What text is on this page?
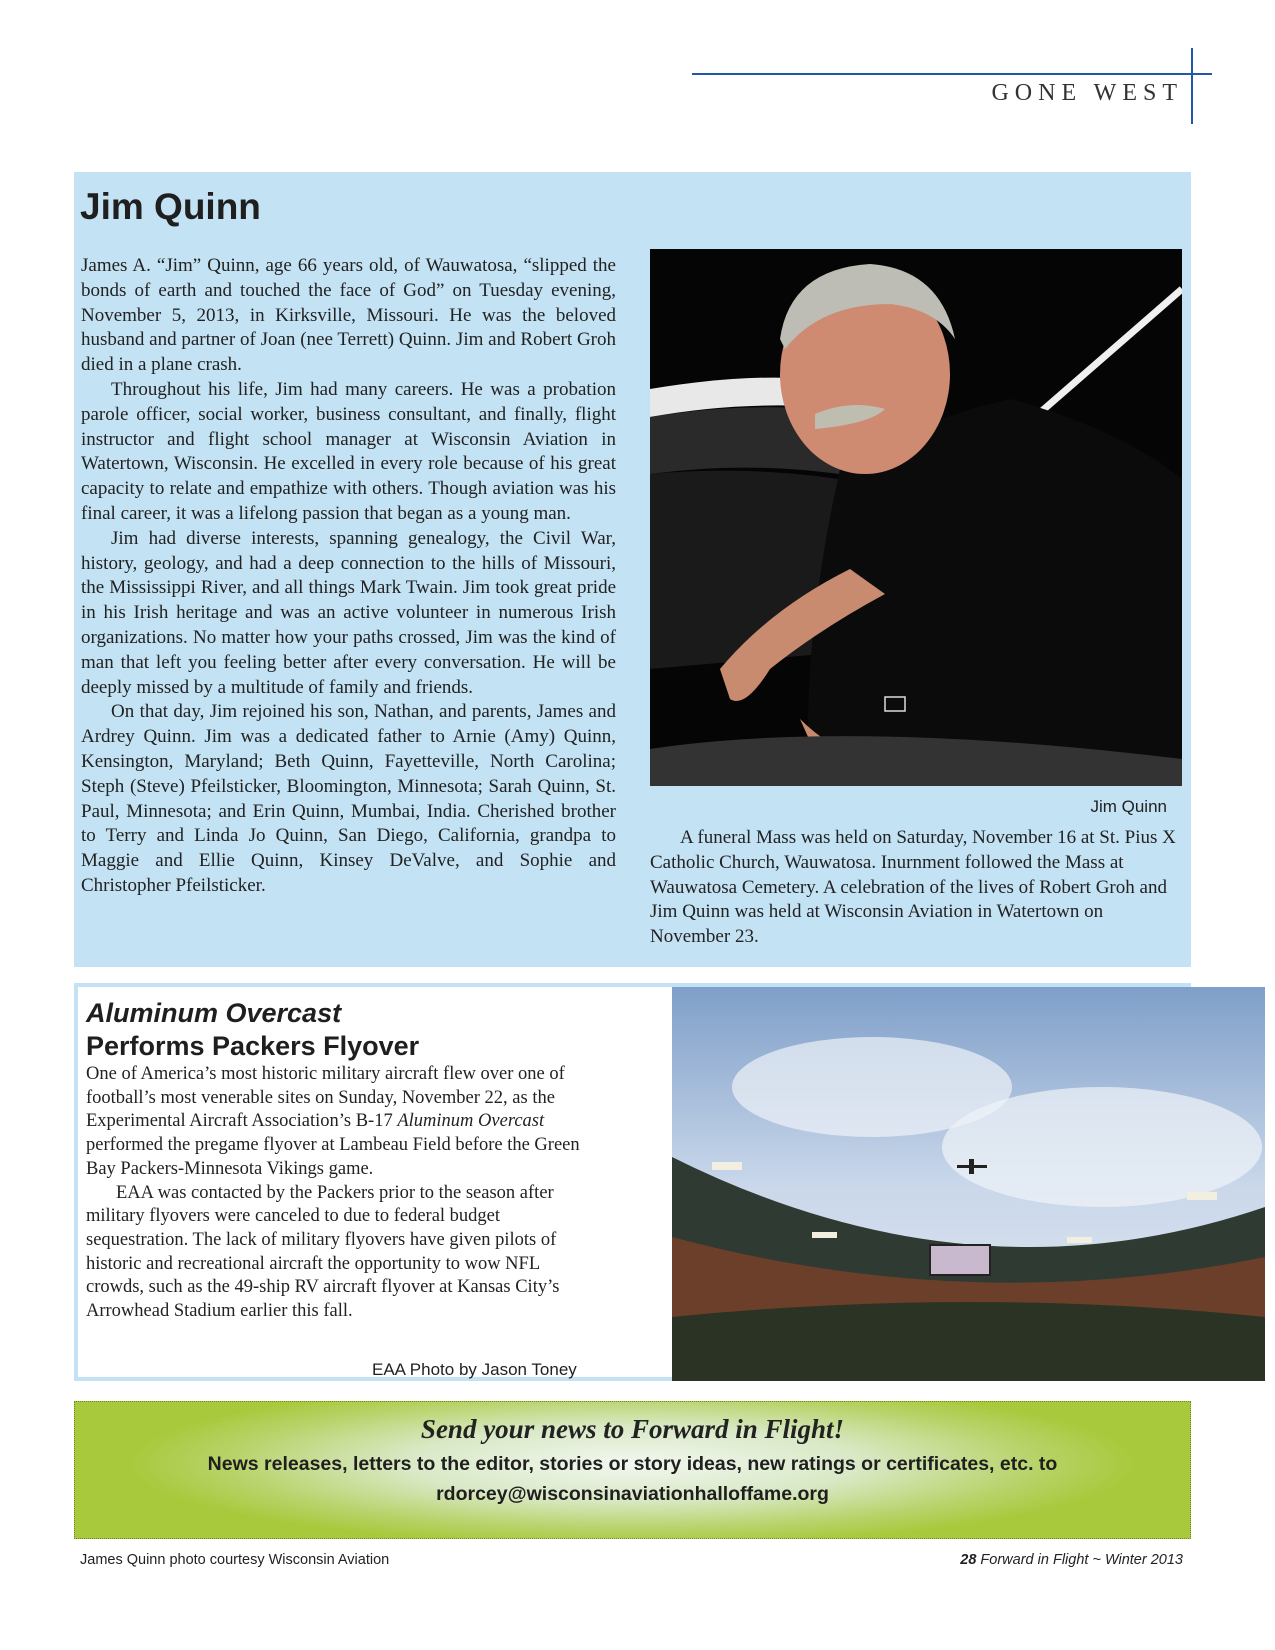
GONE WEST
Jim Quinn

James A. “Jim” Quinn, age 66 years old, of Wauwatosa, “slipped the bonds of earth and touched the face of God” on Tuesday evening, November 5, 2013, in Kirksville, Missouri. He was the beloved husband and partner of Joan (nee Terrett) Quinn. Jim and Robert Groh died in a plane crash.

Throughout his life, Jim had many careers. He was a probation parole officer, social worker, business consultant, and finally, flight instructor and flight school manager at Wisconsin Aviation in Watertown, Wisconsin. He excelled in every role because of his great capacity to relate and empathize with others. Though aviation was his final career, it was a lifelong passion that began as a young man.

Jim had diverse interests, spanning genealogy, the Civil War, history, geology, and had a deep connection to the hills of Missouri, the Mississippi River, and all things Mark Twain. Jim took great pride in his Irish heritage and was an active volunteer in numerous Irish organizations. No matter how your paths crossed, Jim was the kind of man that left you feeling better after every conversation. He will be deeply missed by a multitude of family and friends.

On that day, Jim rejoined his son, Nathan, and parents, James and Ardrey Quinn. Jim was a dedicated father to Arnie (Amy) Quinn, Kensington, Maryland; Beth Quinn, Fayetteville, North Carolina; Steph (Steve) Pfeilsticker, Bloomington, Minnesota; Sarah Quinn, St. Paul, Minnesota; and Erin Quinn, Mumbai, India. Cherished brother to Terry and Linda Jo Quinn, San Diego, California, grandpa to Maggie and Ellie Quinn, Kinsey DeValve, and Sophie and Christopher Pfeilsticker.

Jim Quinn

A funeral Mass was held on Saturday, November 16 at St. Pius X Catholic Church, Wauwatosa. Inurnment followed the Mass at Wauwatosa Cemetery. A celebration of the lives of Robert Groh and Jim Quinn was held at Wisconsin Aviation in Watertown on November 23.

Aluminum Overcast
Performs Packers Flyover

One of America’s most historic military aircraft flew over one of football’s most venerable sites on Sunday, November 22, as the Experimental Aircraft Association’s B-17 Aluminum Overcast performed the pregame flyover at Lambeau Field before the Green Bay Packers-Minnesota Vikings game.

EAA was contacted by the Packers prior to the season after military flyovers were canceled to due to federal budget sequestration. The lack of military flyovers have given pilots of historic and recreational aircraft the opportunity to wow NFL crowds, such as the 49-ship RV aircraft flyover at Kansas City’s Arrowhead Stadium earlier this fall.

EAA Photo by Jason Toney
Send your news to Forward in Flight!
News releases, letters to the editor, stories or story ideas, new ratings or certificates, etc. to
rdorcey@wisconsinaviationhalloffame.org
James Quinn photo courtesy Wisconsin Aviation	28 Forward in Flight ~ Winter 2013
